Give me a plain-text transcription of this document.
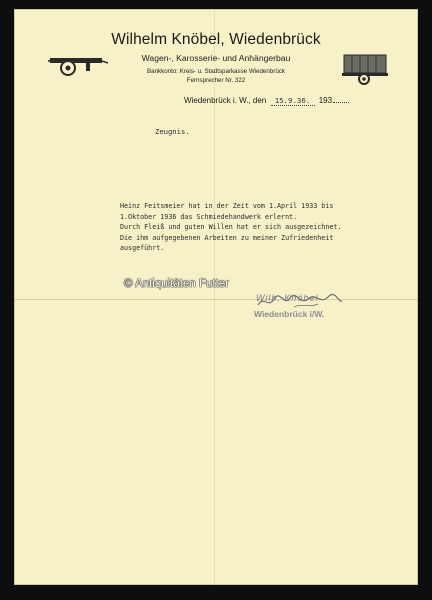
Wilhelm Knöbel, Wiedenbrück
Wagen-, Karosserie- und Anhängerbau
Bankkonto: Kreis- u. Stadtsparkasse Wiedenbrück
Fernsprecher Nr. 322
Wiedenbrück i. W., den 15.9.36. 193
Zeugnis.
Heinz Feitsmeier hat in der Zeit vom 1.April 1933 bis
1.Oktober 1936 das Schmiedehandwerk erlernt.
Durch Fleiß und guten Willen hat er sich ausgezeichnet.
Die ihm aufgegebenen Arbeiten zu meiner Zufriedenheit
ausgeführt.
Wilh. Knöbel
Wiedenbrück i/W.
© Antiquitäten Futter
